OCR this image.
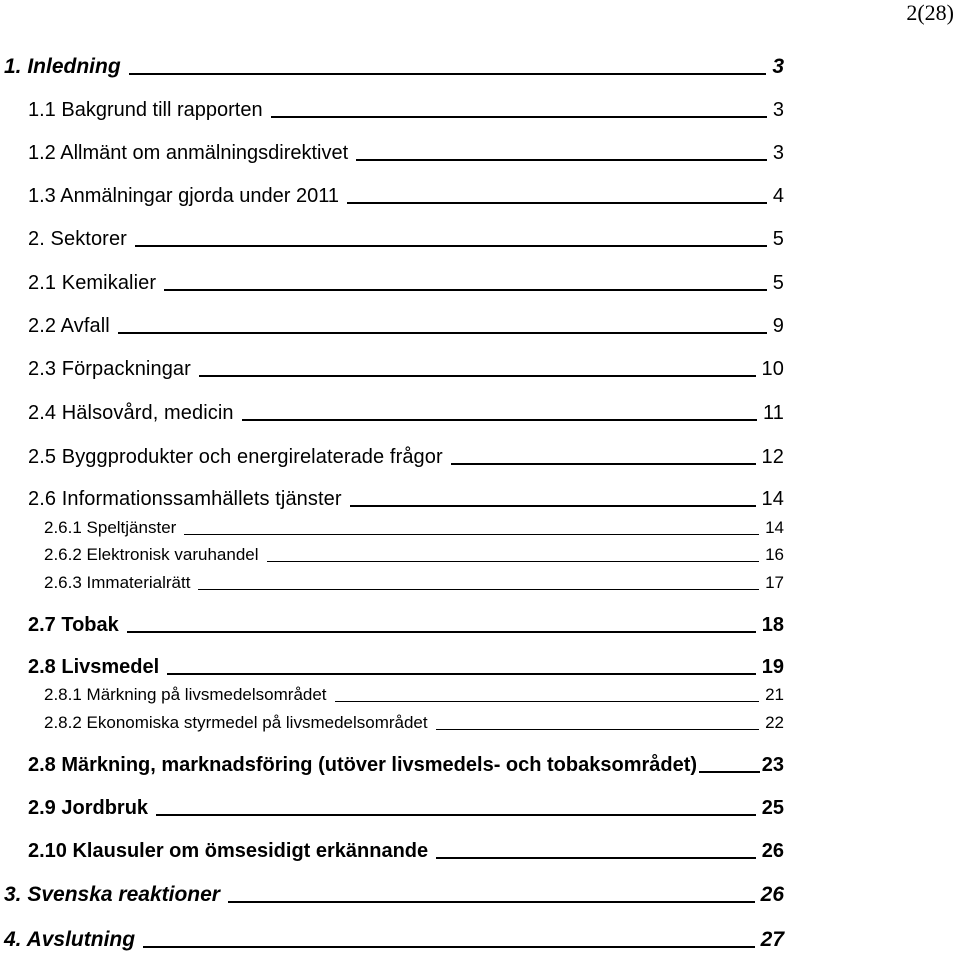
2(28)
1. Inledning	3
1.1 Bakgrund till rapporten	3
1.2 Allmänt om anmälningsdirektivet	3
1.3 Anmälningar gjorda under 2011	4
2. Sektorer	5
2.1 Kemikalier	5
2.2 Avfall	9
2.3 Förpackningar	10
2.4 Hälsovård, medicin	11
2.5 Byggprodukter och energirelaterade frågor	12
2.6 Informationssamhällets tjänster	14
2.6.1 Speltjänster	14
2.6.2 Elektronisk varuhandel	16
2.6.3 Immaterialrätt	17
2.7 Tobak	18
2.8 Livsmedel	19
2.8.1 Märkning på livsmedelsområdet	21
2.8.2 Ekonomiska styrmedel på livsmedelsområdet	22
2.8 Märkning, marknadsföring (utöver livsmedels- och tobaksområdet)	23
2.9 Jordbruk	25
2.10 Klausuler om ömsesidigt erkännande	26
3. Svenska reaktioner	26
4. Avslutning	27
